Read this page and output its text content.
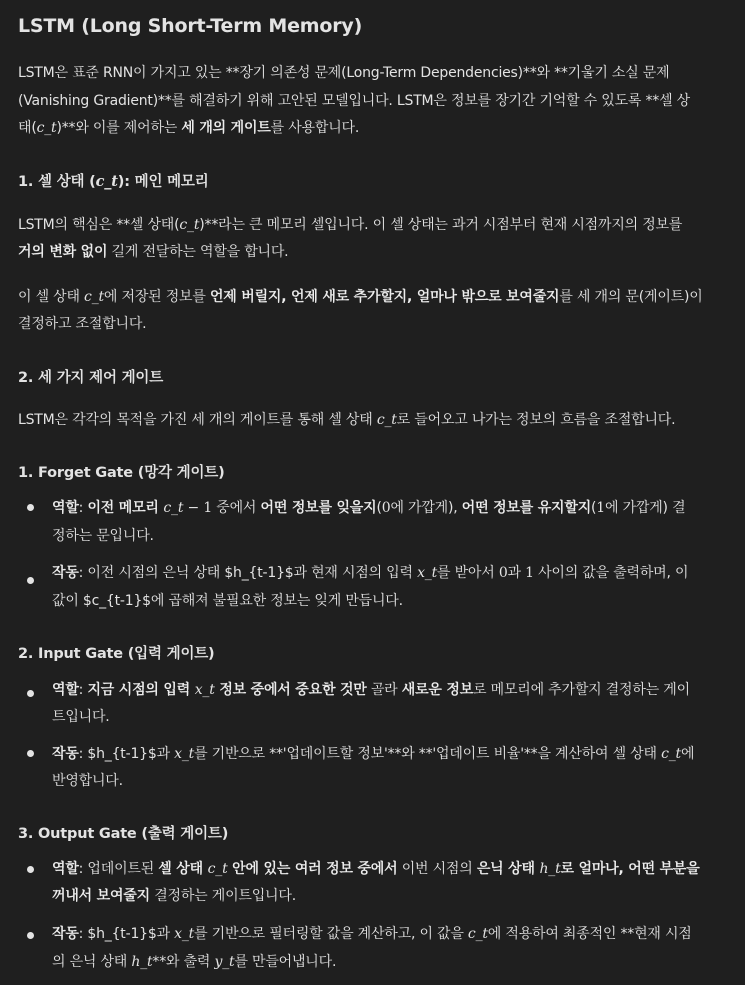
LSTM (Long Short-Term Memory)
LSTM은 표준 RNN이 가지고 있는 **장기 의존성 문제(Long-Term Dependencies)**와 **기울기 소실 문제
(Vanishing Gradient)**를 해결하기 위해 고안된 모델입니다. LSTM은 정보를 장기간 기억할 수 있도록 **셀 상
태(c_t)**와 이를 제어하는 세 개의 게이트를 사용합니다.
1. 셀 상태 (c_t): 메인 메모리
LSTM의 핵심은 **셀 상태(c_t)**라는 큰 메모리 셀입니다. 이 셀 상태는 과거 시점부터 현재 시점까지의 정보를
거의 변화 없이 길게 전달하는 역할을 합니다.
이 셀 상태 c_t에 저장된 정보를 언제 버릴지, 언제 새로 추가할지, 얼마나 밖으로 보여줄지를 세 개의 문(게이트)이
결정하고 조절합니다.
2. 세 가지 제어 게이트
LSTM은 각각의 목적을 가진 세 개의 게이트를 통해 셀 상태 c_t로 들어오고 나가는 정보의 흐름을 조절합니다.
1. Forget Gate (망각 게이트)
역할: 이전 메모리 c_t − 1 중에서 어떤 정보를 잊을지(0에 가깝게), 어떤 정보를 유지할지(1에 가깝게) 결
정하는 문입니다.
작동: 이전 시점의 은닉 상태 $h_{t-1}$과 현재 시점의 입력 x_t를 받아서 0과 1 사이의 값을 출력하며, 이
값이 $c_{t-1}$에 곱해져 불필요한 정보는 잊게 만듭니다.
2. Input Gate (입력 게이트)
역할: 지금 시점의 입력 x_t 정보 중에서 중요한 것만 골라 새로운 정보로 메모리에 추가할지 결정하는 게이
트입니다.
작동: $h_{t-1}$과 x_t를 기반으로 **'업데이트할 정보'**와 **'업데이트 비율'**을 계산하여 셀 상태 c_t에
반영합니다.
3. Output Gate (출력 게이트)
역할: 업데이트된 셀 상태 c_t 안에 있는 여러 정보 중에서 이번 시점의 은닉 상태 h_t로 얼마나, 어떤 부분을
꺼내서 보여줄지 결정하는 게이트입니다.
작동: $h_{t-1}$과 x_t를 기반으로 필터링할 값을 계산하고, 이 값을 c_t에 적용하여 최종적인 **현재 시점
의 은닉 상태 h_t**와 출력 y_t를 만들어냅니다.
